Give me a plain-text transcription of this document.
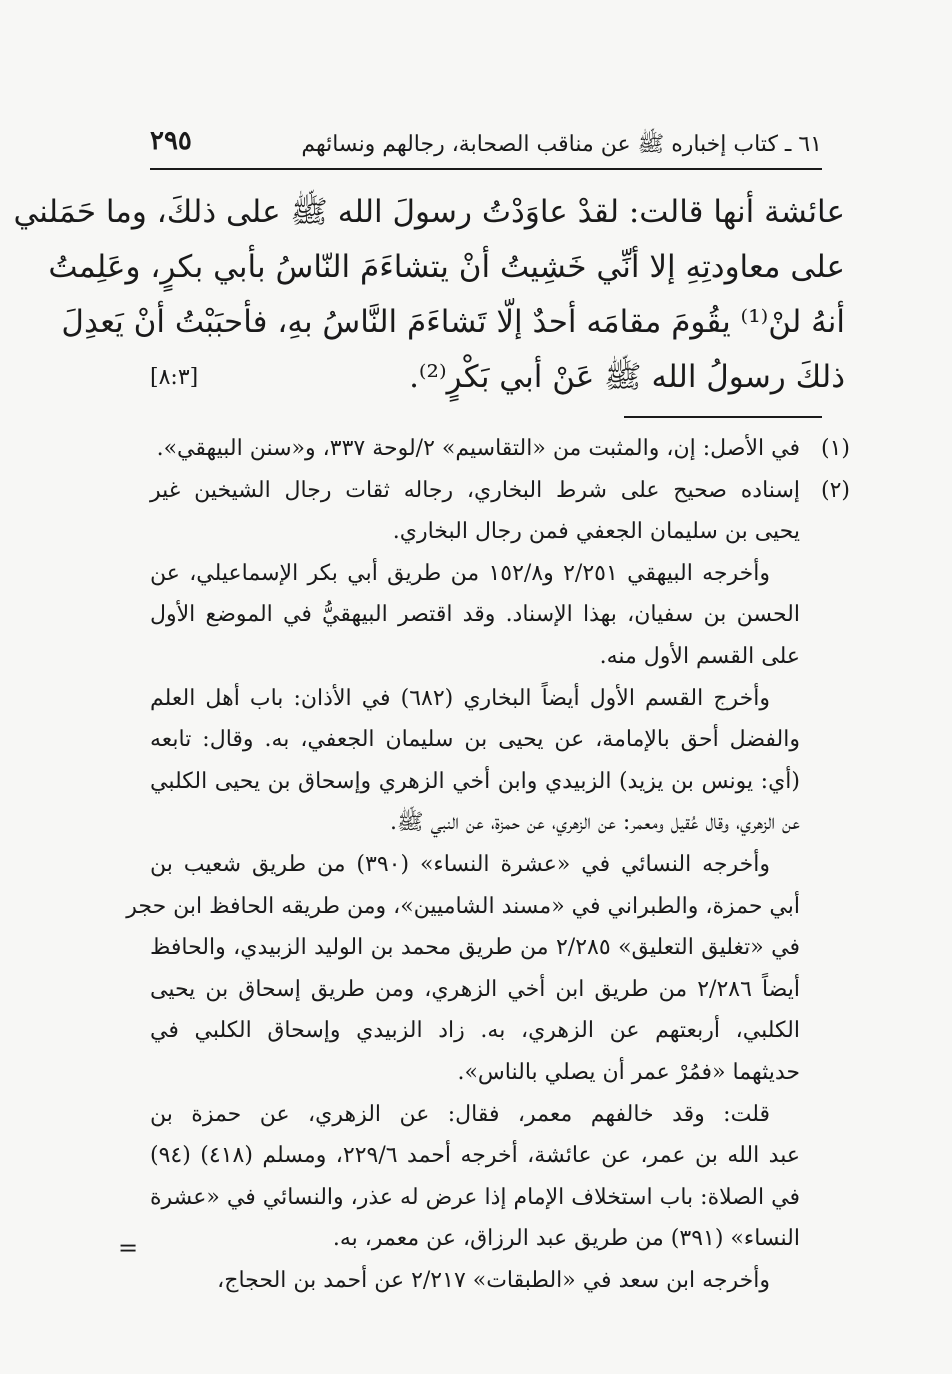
٦١ ـ كتاب إخباره ﷺ عن مناقب الصحابة، رجالهم ونسائهم
٢٩٥
عائشة أنها قالت: لقدْ عاوَدْتُ رسولَ الله ﷺ على ذلكَ، وما حَمَلني
على معاودتِهِ إلا أنِّي خَشِيتُ أنْ يتشاءَمَ النّاسُ بأبي بكرٍ، وعَلِمتُ
أنهُ لنْ⁽¹⁾ يقُومَ مقامَه أحدٌ إلّا تَشاءَمَ النَّاسُ بهِ، فأحبَبْتُ أنْ يَعدِلَ
[٨:٣]	ذلكَ رسولُ الله ﷺ عَنْ أبي بَكْرٍ⁽²⁾.
(١)في الأصل: إن، والمثبت من «التقاسيم» ٢/لوحة ٣٣٧، و«سنن البيهقي».
(٢)إسناده صحيح على شرط البخاري، رجاله ثقات رجال الشيخين غير
يحيى بن سليمان الجعفي فمن رجال البخاري.
وأخرجه البيهقي ٢/٢٥١ و١٥٢/٨ من طريق أبي بكر الإسماعيلي، عن
الحسن بن سفيان، بهذا الإسناد. وقد اقتصر البيهقيُّ في الموضع الأول
على القسم الأول منه.
وأخرج القسم الأول أيضاً البخاري (٦٨٢) في الأذان: باب أهل العلم
والفضل أحق بالإمامة، عن يحيى بن سليمان الجعفي، به. وقال: تابعه
(أي: يونس بن يزيد) الزبيدي وابن أخي الزهري وإسحاق بن يحيى الكلبي
عن الزهري، وقال عُقيل ومعمر: عن الزهري، عن حمزة، عن النبي ﷺ.
وأخرجه النسائي في «عشرة النساء» (٣٩٠) من طريق شعيب بن
أبي حمزة، والطبراني في «مسند الشاميين»، ومن طريقه الحافظ ابن حجر
في «تغليق التعليق» ٢/٢٨٥ من طريق محمد بن الوليد الزبيدي، والحافظ
أيضاً ٢/٢٨٦ من طريق ابن أخي الزهري، ومن طريق إسحاق بن يحيى
الكلبي، أربعتهم عن الزهري، به. زاد الزبيدي وإسحاق الكلبي في
حديثهما «فمُرْ عمر أن يصلي بالناس».
قلت: وقد خالفهم معمر، فقال: عن الزهري، عن حمزة بن
عبد الله بن عمر، عن عائشة، أخرجه أحمد ٢٢٩/٦، ومسلم (٤١٨) (٩٤)
في الصلاة: باب استخلاف الإمام إذا عرض له عذر، والنسائي في «عشرة
النساء» (٣٩١) من طريق عبد الرزاق، عن معمر، به.
وأخرجه ابن سعد في «الطبقات» ٢/٢١٧ عن أحمد بن الحجاج،
=
